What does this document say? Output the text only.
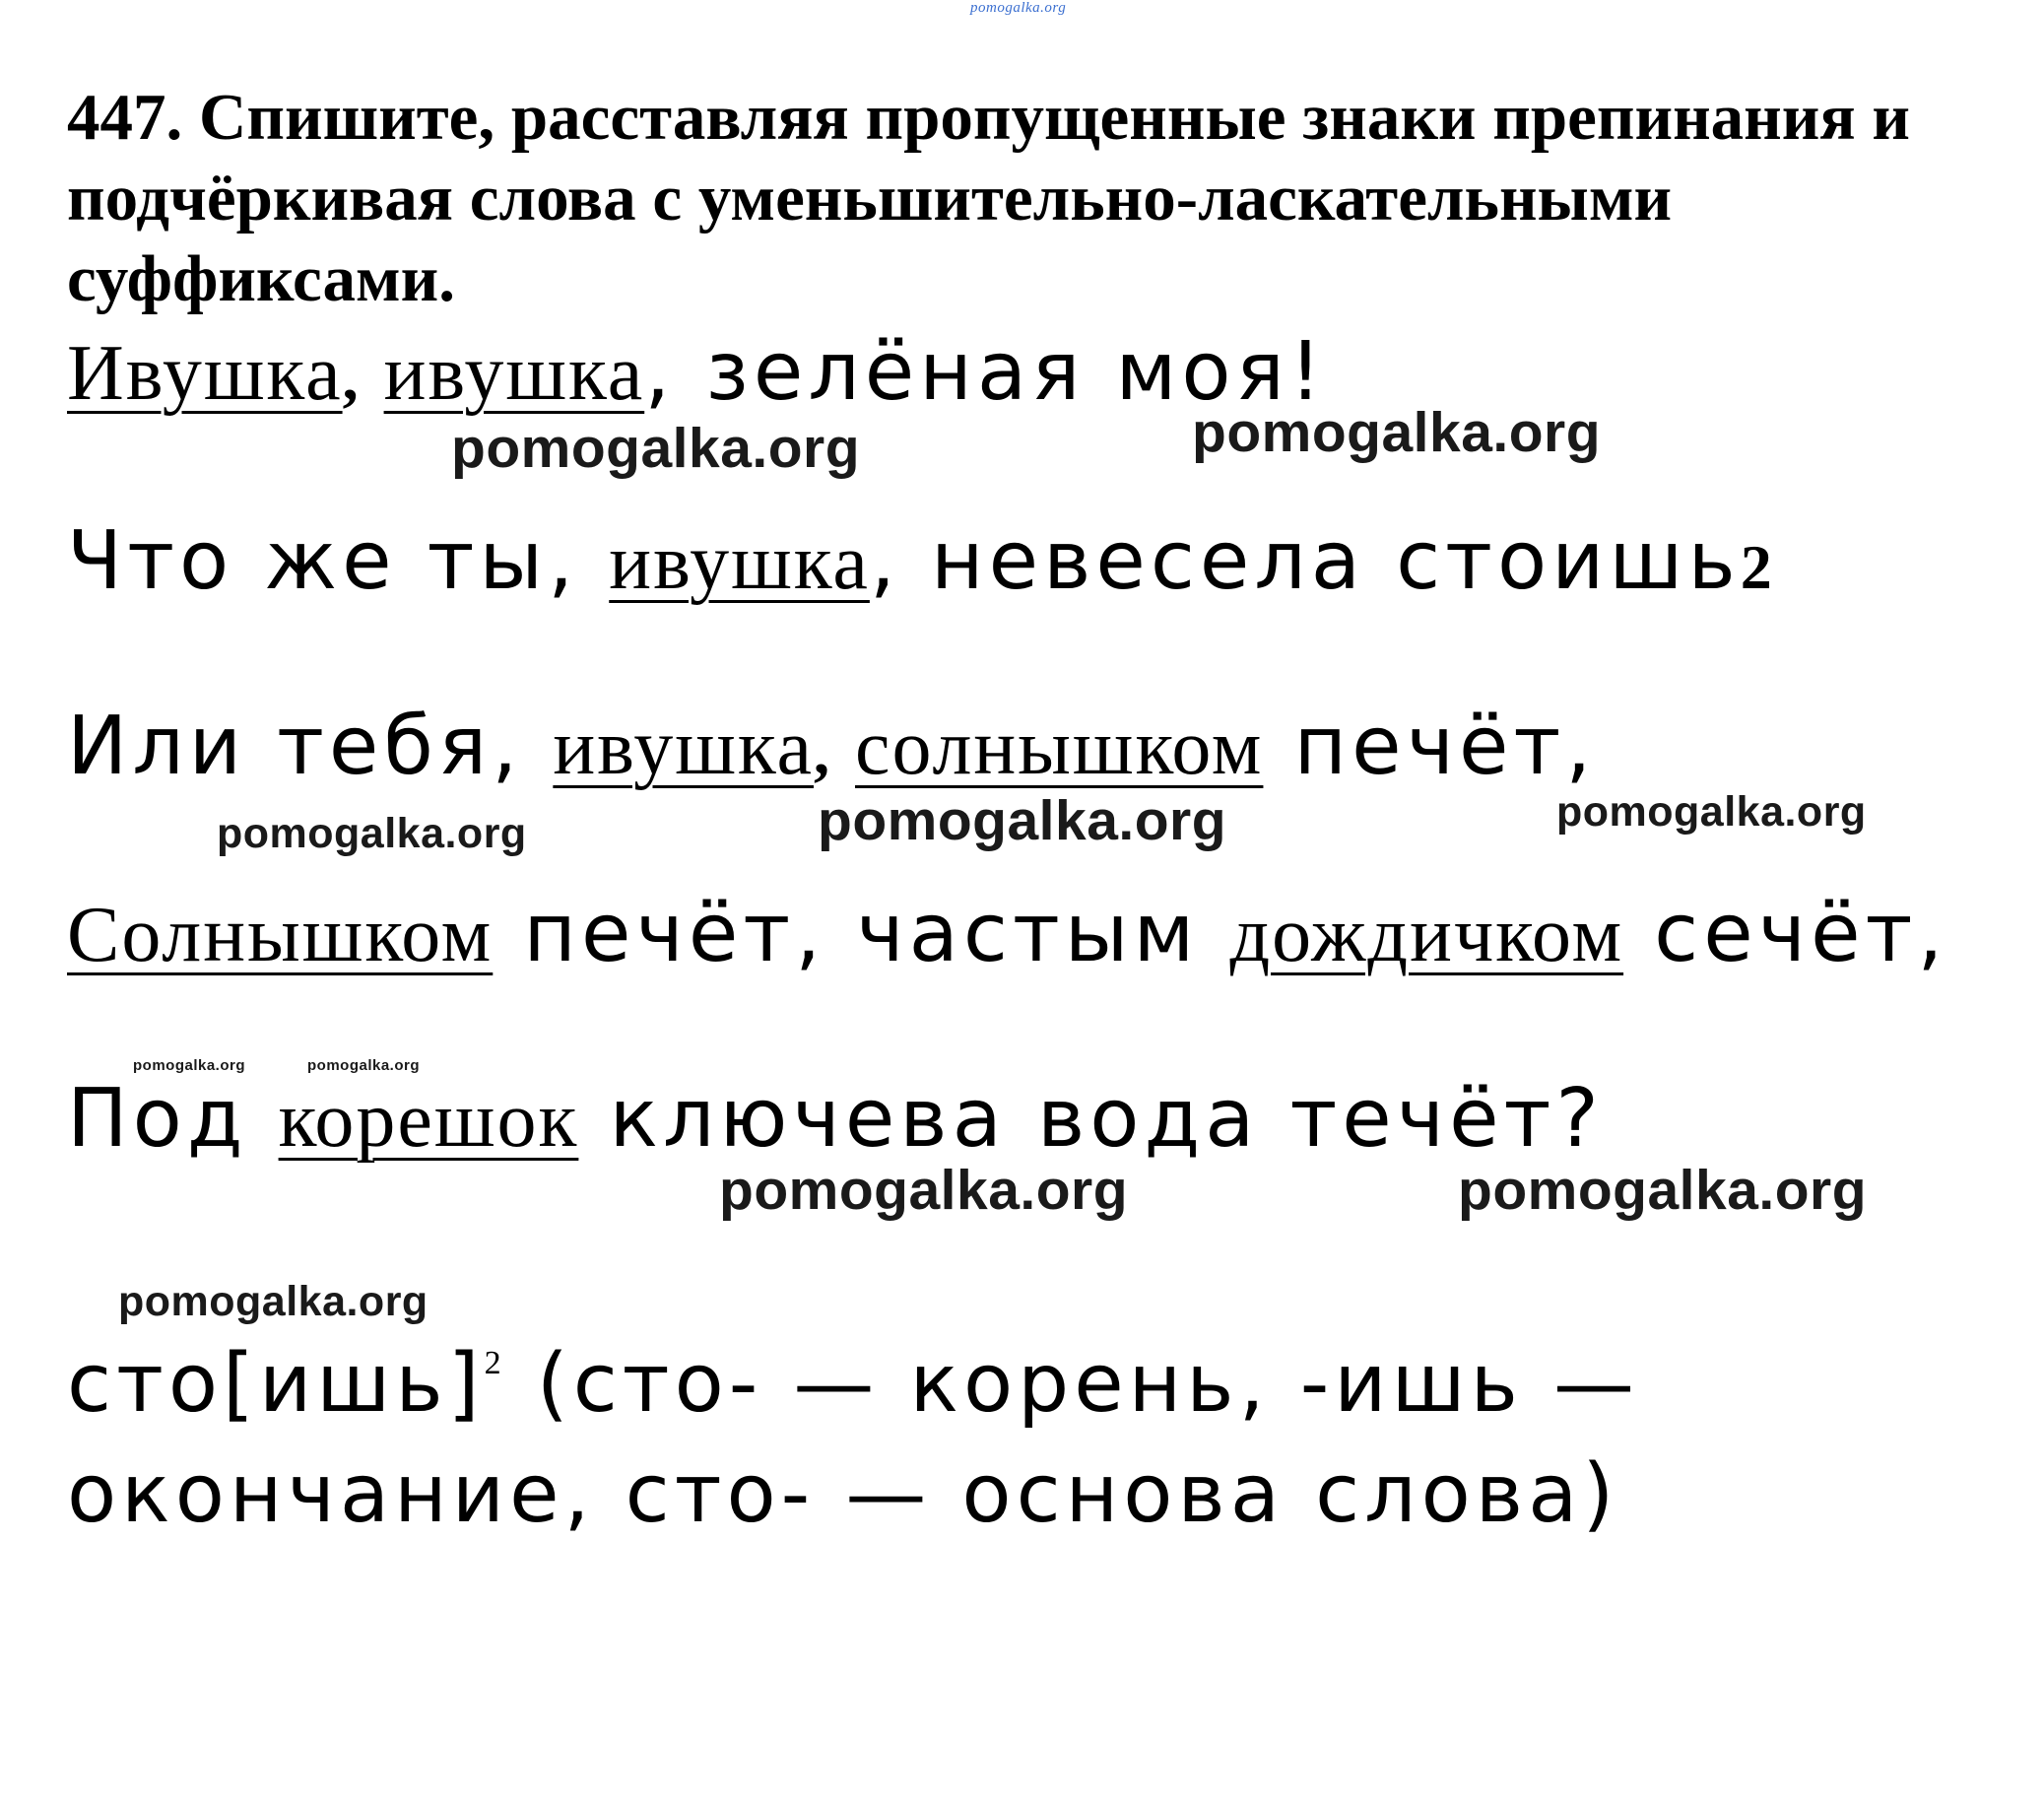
pomogalka.org
447. Спишите, расставляя пропущенные знаки препинания и подчёркивая слова с уменьшительно-ласкательными суффиксами.
Ивушка, ивушка, зелёная моя!
pomogalka.org	pomogalka.org
Что же ты, ивушка, невесела стоишь2
Или тебя, ивушка, солнышком печёт,
pomogalka.org	pomogalka.org	pomogalka.org
Солнышком печёт, частым дождичком сечёт,
pomogalka.org	pomogalka.org
Под корешок ключева вода течёт?
pomogalka.org	pomogalka.org
pomogalka.org
сто[ишь]$^2$ (сто- — корень, -ишь — окончание, сто- — основа слова)
